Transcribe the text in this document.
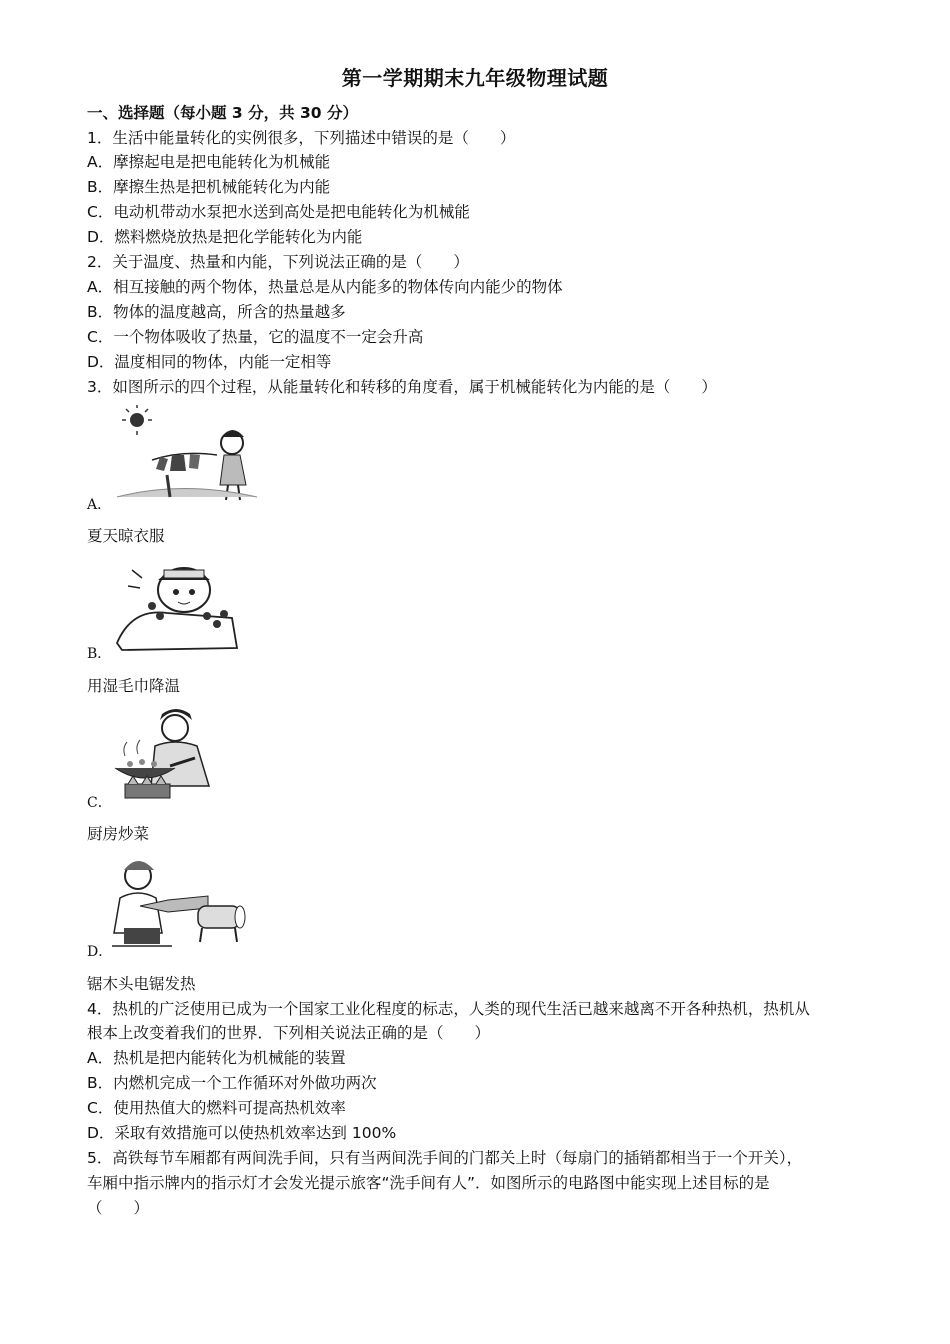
第一学期期末九年级物理试题
一、选择题（每小题 3 分，共 30 分）
1．生活中能量转化的实例很多，下列描述中错误的是（　　）
A．摩擦起电是把电能转化为机械能
B．摩擦生热是把机械能转化为内能
C．电动机带动水泵把水送到高处是把电能转化为机械能
D．燃料燃烧放热是把化学能转化为内能
2．关于温度、热量和内能，下列说法正确的是（　　）
A．相互接触的两个物体，热量总是从内能多的物体传向内能少的物体
B．物体的温度越高，所含的热量越多
C．一个物体吸收了热量，它的温度不一定会升高
D．温度相同的物体，内能一定相等
3．如图所示的四个过程，从能量转化和转移的角度看，属于机械能转化为内能的是（　　）
A．
夏天晾衣服
B．
用湿毛巾降温
C．
厨房炒菜
D．
锯木头电锯发热
4．热机的广泛使用已成为一个国家工业化程度的标志，人类的现代生活已越来越离不开各种热机，热机从
根本上改变着我们的世界．下列相关说法正确的是（　　）
A．热机是把内能转化为机械能的装置
B．内燃机完成一个工作循环对外做功两次
C．使用热值大的燃料可提高热机效率
D．采取有效措施可以使热机效率达到 100%
5．高铁每节车厢都有两间洗手间，只有当两间洗手间的门都关上时（每扇门的插销都相当于一个开关），
车厢中指示牌内的指示灯才会发光提示旅客“洗手间有人”．如图所示的电路图中能实现上述目标的是
（　　）
